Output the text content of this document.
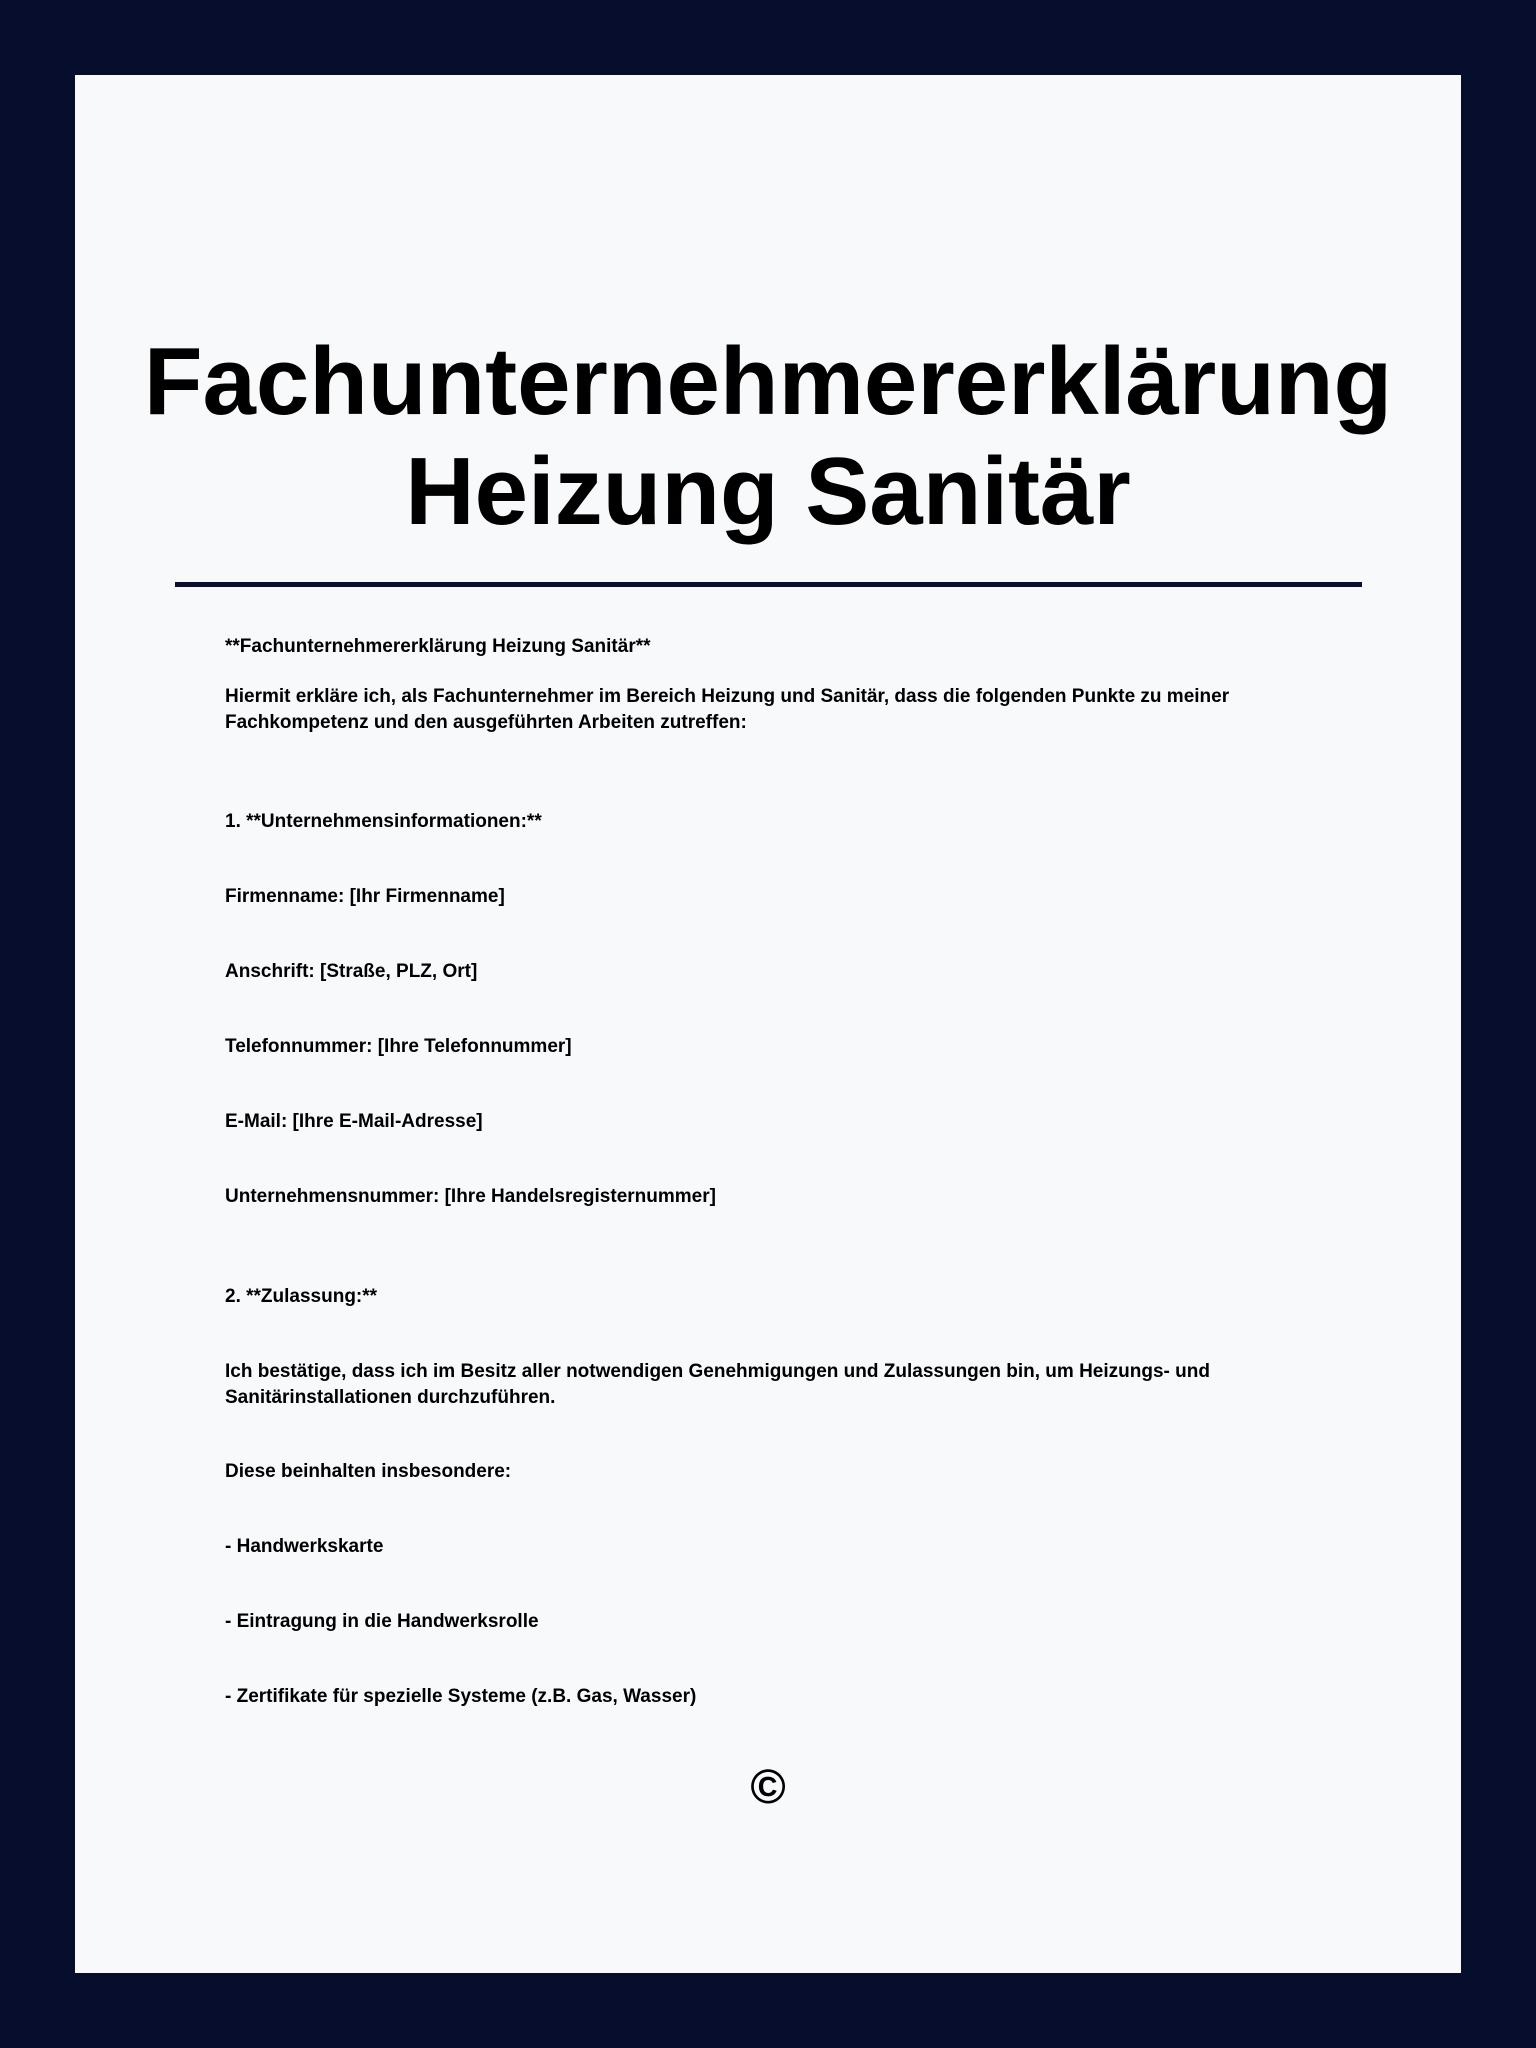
Fachunternehmererklärung
Heizung Sanitär

**Fachunternehmererklärung Heizung Sanitär**

Hiermit erkläre ich, als Fachunternehmer im Bereich Heizung und Sanitär, dass die folgenden Punkte zu meiner Fachkompetenz und den ausgeführten Arbeiten zutreffen:

1. **Unternehmensinformationen:**

Firmenname: [Ihr Firmenname]

Anschrift: [Straße, PLZ, Ort]

Telefonnummer: [Ihre Telefonnummer]

E-Mail: [Ihre E-Mail-Adresse]

Unternehmensnummer: [Ihre Handelsregisternummer]

2. **Zulassung:**

Ich bestätige, dass ich im Besitz aller notwendigen Genehmigungen und Zulassungen bin, um Heizungs- und Sanitärinstallationen durchzuführen.

Diese beinhalten insbesondere:

- Handwerkskarte

- Eintragung in die Handwerksrolle

- Zertifikate für spezielle Systeme (z.B. Gas, Wasser)

©
